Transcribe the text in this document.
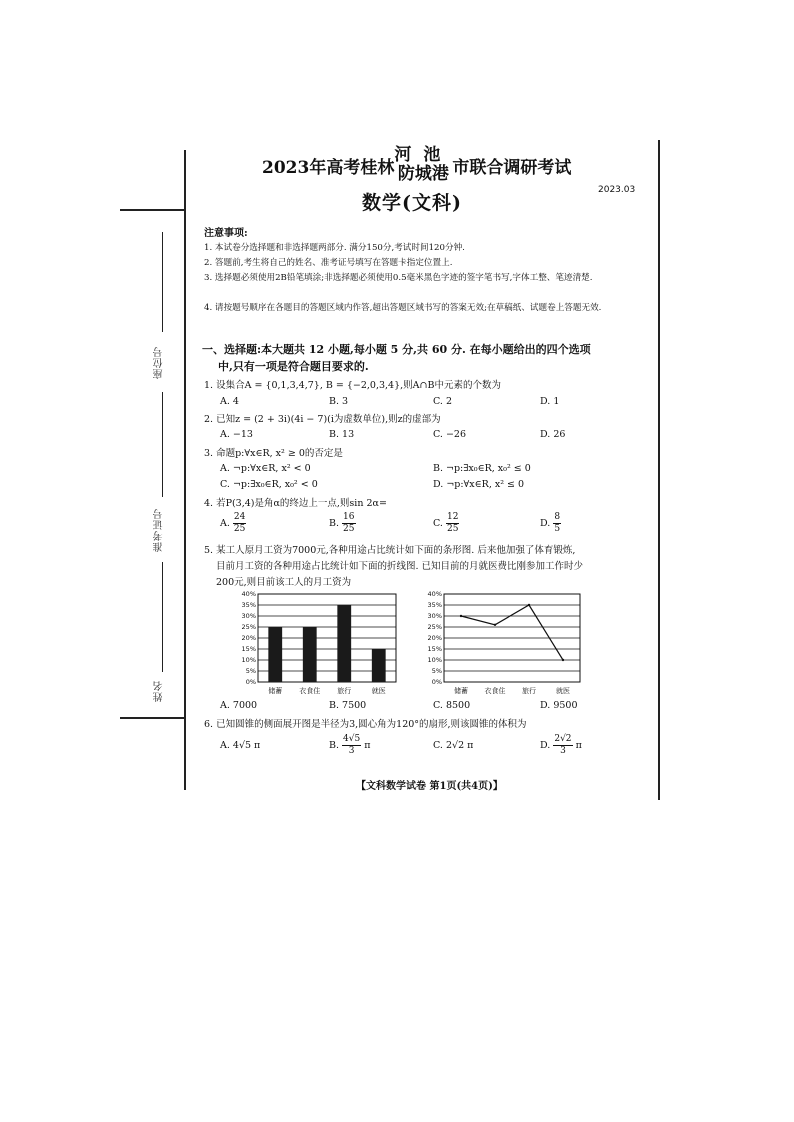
座位号
准考证号
姓名
2023年高考桂林
河池
防城港 市联合调研考试
2023.03
数学(文科)
注意事项:
1. 本试卷分选择题和非选择题两部分. 满分150分,考试时间120分钟.
2. 答题前,考生将自己的姓名、准考证号填写在答题卡指定位置上.
3. 选择题必须使用2B铅笔填涂;非选择题必须使用0.5毫米黑色字迹的签字笔书写,字体工整、笔迹清楚.
4. 请按题号顺序在各题目的答题区域内作答,超出答题区域书写的答案无效;在草稿纸、试题卷上答题无效.
一、选择题:本大题共 12 小题,每小题 5 分,共 60 分. 在每小题给出的四个选项
中,只有一项是符合题目要求的.
1. 设集合A = {0,1,3,4,7}, B = {−2,0,3,4},则A∩B中元素的个数为
A. 4	B. 3	C. 2	D. 1
2. 已知z = (2 + 3i)(4i − 7)(i为虚数单位),则z的虚部为
A. −13	B. 13	C. −26	D. 26
3. 命题p:∀x∈R, x² ≥ 0的否定是
A. ¬p:∀x∈R, x² < 0	B. ¬p:∃x₀∈R, x₀² ≤ 0
C. ¬p:∃x₀∈R, x₀² < 0	D. ¬p:∀x∈R, x² ≤ 0
4. 若P(3,4)是角α的终边上一点,则sin 2α=
A. $\frac{24}{25}$	B. $\frac{16}{25}$	C. $\frac{12}{25}$	D. $\frac{8}{5}$
5. 某工人原月工资为7000元,各种用途占比统计如下面的条形图. 后来他加强了体育锻炼,
目前月工资的各种用途占比统计如下面的折线图. 已知目前的月就医费比刚参加工作时少
200元,则目前该工人的月工资为
0%
5%
10%
15%
20%
25%
30%
35%
40%
储蓄 衣食住 旅行	就医
0%
5%
10%
15%
20%
25%
30%
35%
40%
储蓄 衣食住 旅行	就医
A. 7000	B. 7500	C. 8500	D. 9500
6. 已知圆锥的侧面展开图是半径为3,圆心角为120°的扇形,则该圆锥的体积为
A. 4√5 π	B. $\frac{4√5}{3}$ π	C. 2√2 π	D. $\frac{2√2}{3}$ π
【文科数学试卷 第1页(共4页)】
